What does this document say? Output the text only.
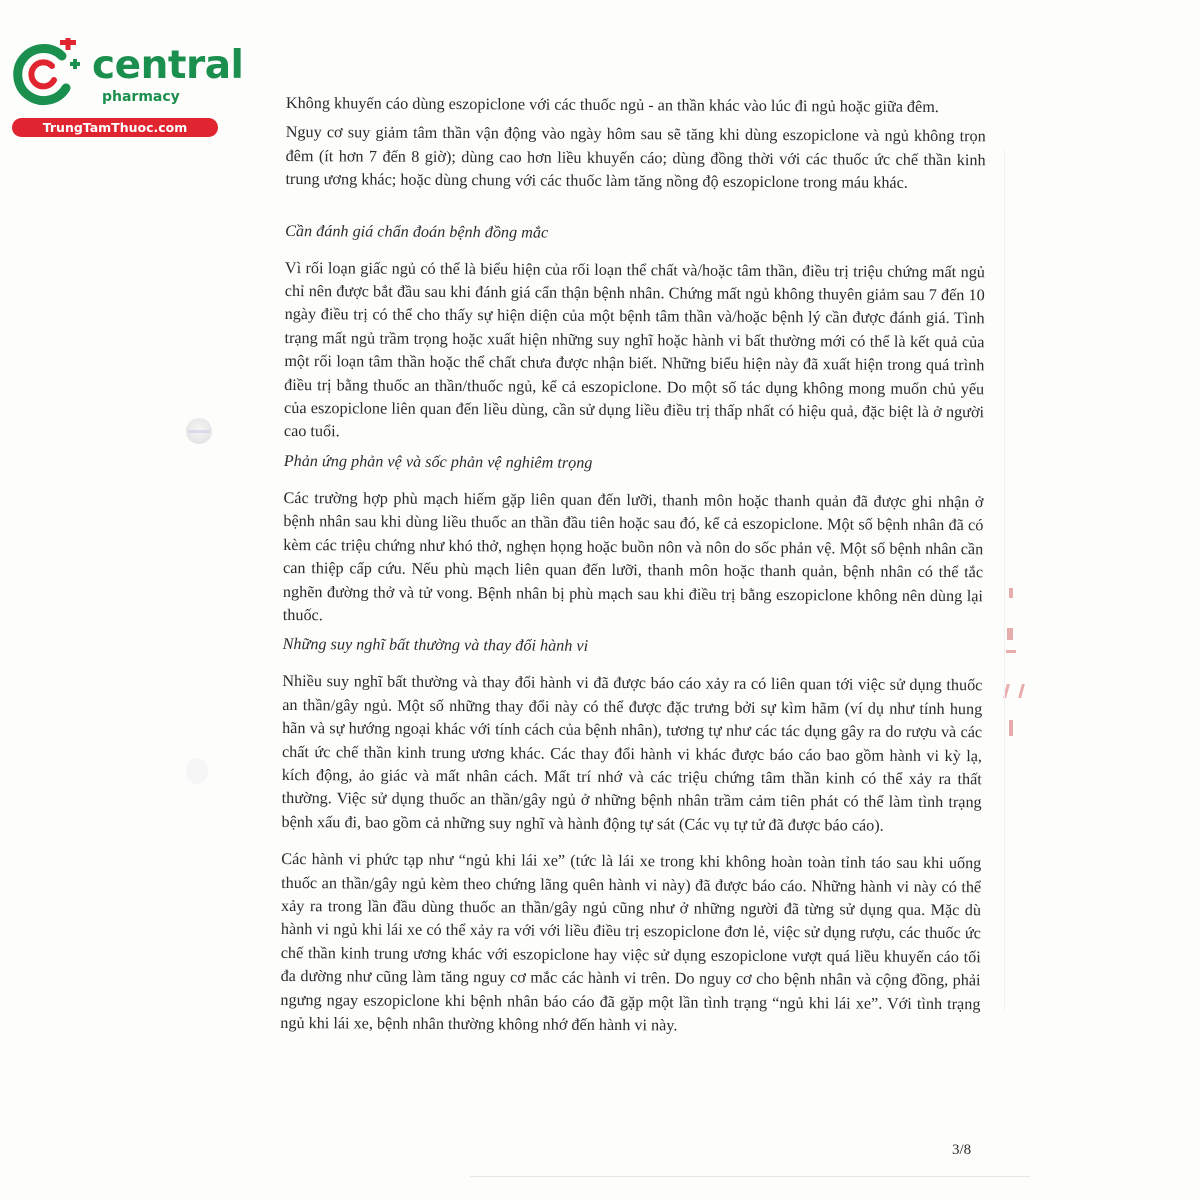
central
pharmacy
TrungTamThuoc.com

Không khuyến cáo dùng eszopiclone với các thuốc ngủ - an thần khác vào lúc đi ngủ hoặc giữa đêm.

Nguy cơ suy giảm tâm thần vận động vào ngày hôm sau sẽ tăng khi dùng eszopiclone và ngủ không trọn đêm (ít hơn 7 đến 8 giờ); dùng cao hơn liều khuyến cáo; dùng đồng thời với các thuốc ức chế thần kinh trung ương khác; hoặc dùng chung với các thuốc làm tăng nồng độ eszopiclone trong máu khác.

Cần đánh giá chẩn đoán bệnh đồng mắc

Vì rối loạn giấc ngủ có thể là biểu hiện của rối loạn thể chất và/hoặc tâm thần, điều trị triệu chứng mất ngủ chỉ nên được bắt đầu sau khi đánh giá cẩn thận bệnh nhân. Chứng mất ngủ không thuyên giảm sau 7 đến 10 ngày điều trị có thể cho thấy sự hiện diện của một bệnh tâm thần và/hoặc bệnh lý cần được đánh giá. Tình trạng mất ngủ trầm trọng hoặc xuất hiện những suy nghĩ hoặc hành vi bất thường mới có thể là kết quả của một rối loạn tâm thần hoặc thể chất chưa được nhận biết. Những biểu hiện này đã xuất hiện trong quá trình điều trị bằng thuốc an thần/thuốc ngủ, kể cả eszopiclone. Do một số tác dụng không mong muốn chủ yếu của eszopiclone liên quan đến liều dùng, cần sử dụng liều điều trị thấp nhất có hiệu quả, đặc biệt là ở người cao tuổi.

Phản ứng phản vệ và sốc phản vệ nghiêm trọng

Các trường hợp phù mạch hiếm gặp liên quan đến lưỡi, thanh môn hoặc thanh quản đã được ghi nhận ở bệnh nhân sau khi dùng liều thuốc an thần đầu tiên hoặc sau đó, kể cả eszopiclone. Một số bệnh nhân đã có kèm các triệu chứng như khó thở, nghẹn họng hoặc buồn nôn và nôn do sốc phản vệ. Một số bệnh nhân cần can thiệp cấp cứu. Nếu phù mạch liên quan đến lưỡi, thanh môn hoặc thanh quản, bệnh nhân có thể tắc nghẽn đường thở và tử vong. Bệnh nhân bị phù mạch sau khi điều trị bằng eszopiclone không nên dùng lại thuốc.

Những suy nghĩ bất thường và thay đổi hành vi

Nhiều suy nghĩ bất thường và thay đổi hành vi đã được báo cáo xảy ra có liên quan tới việc sử dụng thuốc an thần/gây ngủ. Một số những thay đổi này có thể được đặc trưng bởi sự kìm hãm (ví dụ như tính hung hãn và sự hướng ngoại khác với tính cách của bệnh nhân), tương tự như các tác dụng gây ra do rượu và các chất ức chế thần kinh trung ương khác. Các thay đổi hành vi khác được báo cáo bao gồm hành vi kỳ lạ, kích động, ảo giác và mất nhân cách. Mất trí nhớ và các triệu chứng tâm thần kinh có thể xảy ra thất thường. Việc sử dụng thuốc an thần/gây ngủ ở những bệnh nhân trầm cảm tiên phát có thể làm tình trạng bệnh xấu đi, bao gồm cả những suy nghĩ và hành động tự sát (Các vụ tự tử đã được báo cáo).

Các hành vi phức tạp như “ngủ khi lái xe” (tức là lái xe trong khi không hoàn toàn tỉnh táo sau khi uống thuốc an thần/gây ngủ kèm theo chứng lãng quên hành vi này) đã được báo cáo. Những hành vi này có thể xảy ra trong lần đầu dùng thuốc an thần/gây ngủ cũng như ở những người đã từng sử dụng qua. Mặc dù hành vi ngủ khi lái xe có thể xảy ra với với liều điều trị eszopiclone đơn lẻ, việc sử dụng rượu, các thuốc ức chế thần kinh trung ương khác với eszopiclone hay việc sử dụng eszopiclone vượt quá liều khuyến cáo tối đa dường như cũng làm tăng nguy cơ mắc các hành vi trên. Do nguy cơ cho bệnh nhân và cộng đồng, phải ngưng ngay eszopiclone khi bệnh nhân báo cáo đã gặp một lần tình trạng “ngủ khi lái xe”. Với tình trạng ngủ khi lái xe, bệnh nhân thường không nhớ đến hành vi này.

3/8
